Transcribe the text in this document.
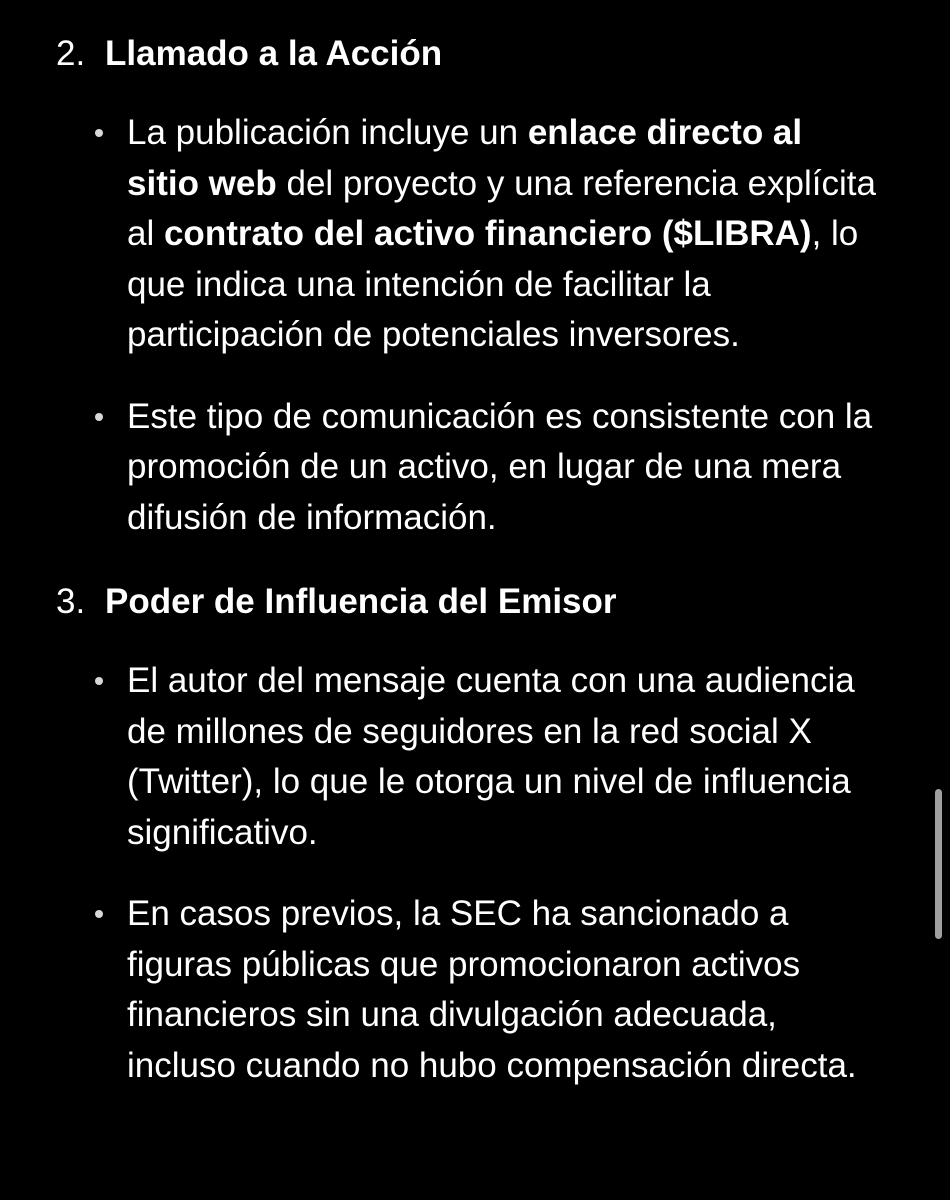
2. Llamado a la Acción
La publicación incluye un enlace directo al sitio web del proyecto y una referencia explícita al contrato del activo financiero ($LIBRA), lo que indica una intención de facilitar la participación de potenciales inversores.
Este tipo de comunicación es consistente con la promoción de un activo, en lugar de una mera difusión de información.
3. Poder de Influencia del Emisor
El autor del mensaje cuenta con una audiencia de millones de seguidores en la red social X (Twitter), lo que le otorga un nivel de influencia significativo.
En casos previos, la SEC ha sancionado a figuras públicas que promocionaron activos financieros sin una divulgación adecuada, incluso cuando no hubo compensación directa.
